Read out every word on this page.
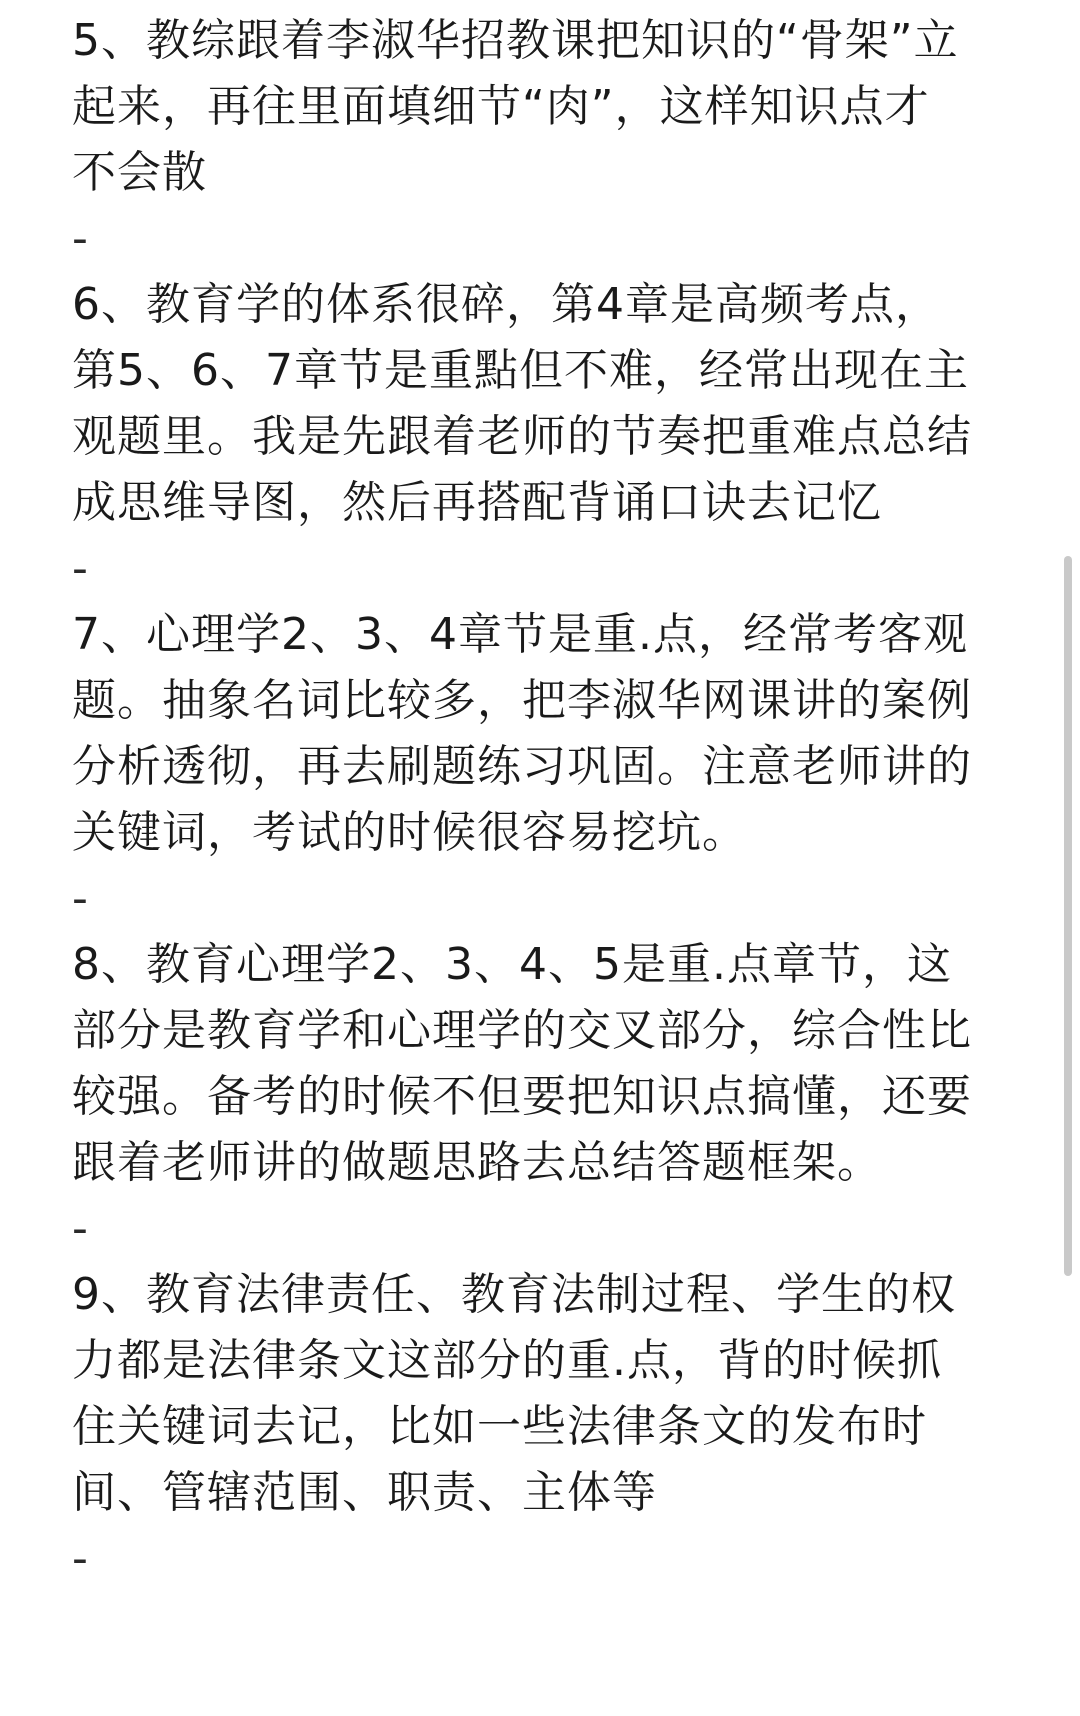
5、教综跟着李淑华招教课把知识的“骨架”立
起来，再往里面填细节“肉”，这样知识点才
不会散

-

6、教育学的体系很碎，第4章是高频考点，
第5、6、7章节是重點但不难，经常出现在主
观题里。我是先跟着老师的节奏把重难点总结
成思维导图，然后再搭配背诵口诀去记忆

-

7、心理学2、3、4章节是重.点，经常考客观
题。抽象名词比较多，把李淑华网课讲的案例
分析透彻，再去刷题练习巩固。注意老师讲的
关键词，考试的时候很容易挖坑。

-

8、教育心理学2、3、4、5是重.点章节，这
部分是教育学和心理学的交叉部分，综合性比
较强。备考的时候不但要把知识点搞懂，还要
跟着老师讲的做题思路去总结答题框架。

-

9、教育法律责任、教育法制过程、学生的权
力都是法律条文这部分的重.点，背的时候抓
住关键词去记，比如一些法律条文的发布时
间、管辖范围、职责、主体等

-
